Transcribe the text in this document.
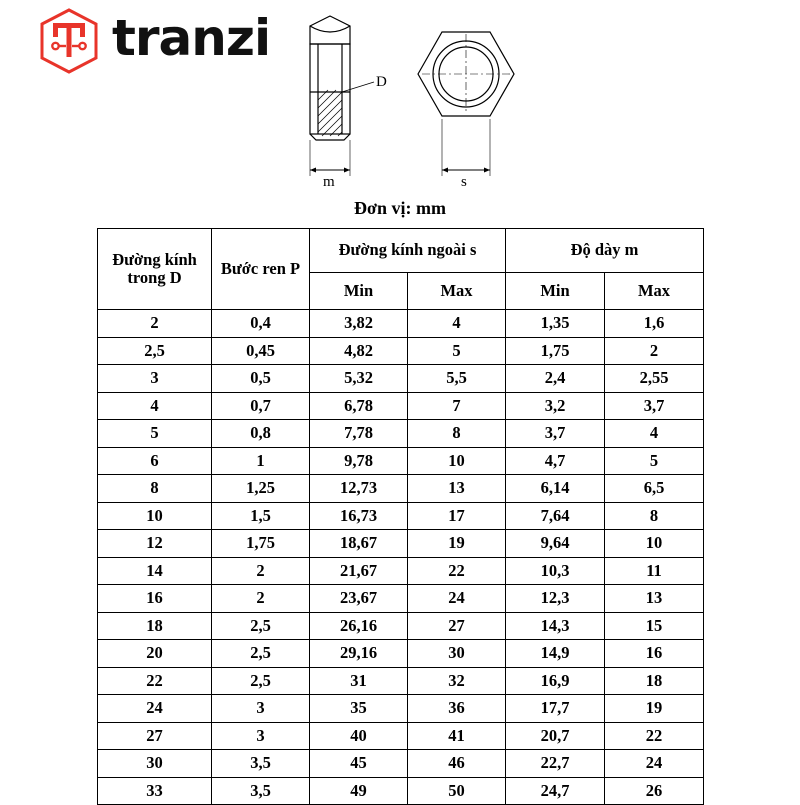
tranzi
D
m	s
Đơn vị: mm
Đường kính trong D	Bước ren P	Đường kính ngoài s		Độ dày m	
		Min	Max	Min	Max
2	0,4	3,82	4	1,35	1,6
2,5	0,45	4,82	5	1,75	2
3	0,5	5,32	5,5	2,4	2,55
4	0,7	6,78	7	3,2	3,7
5	0,8	7,78	8	3,7	4
6	1	9,78	10	4,7	5
8	1,25	12,73	13	6,14	6,5
10	1,5	16,73	17	7,64	8
12	1,75	18,67	19	9,64	10
14	2	21,67	22	10,3	11
16	2	23,67	24	12,3	13
18	2,5	26,16	27	14,3	15
20	2,5	29,16	30	14,9	16
22	2,5	31	32	16,9	18
24	3	35	36	17,7	19
27	3	40	41	20,7	22
30	3,5	45	46	22,7	24
33	3,5	49	50	24,7	26
